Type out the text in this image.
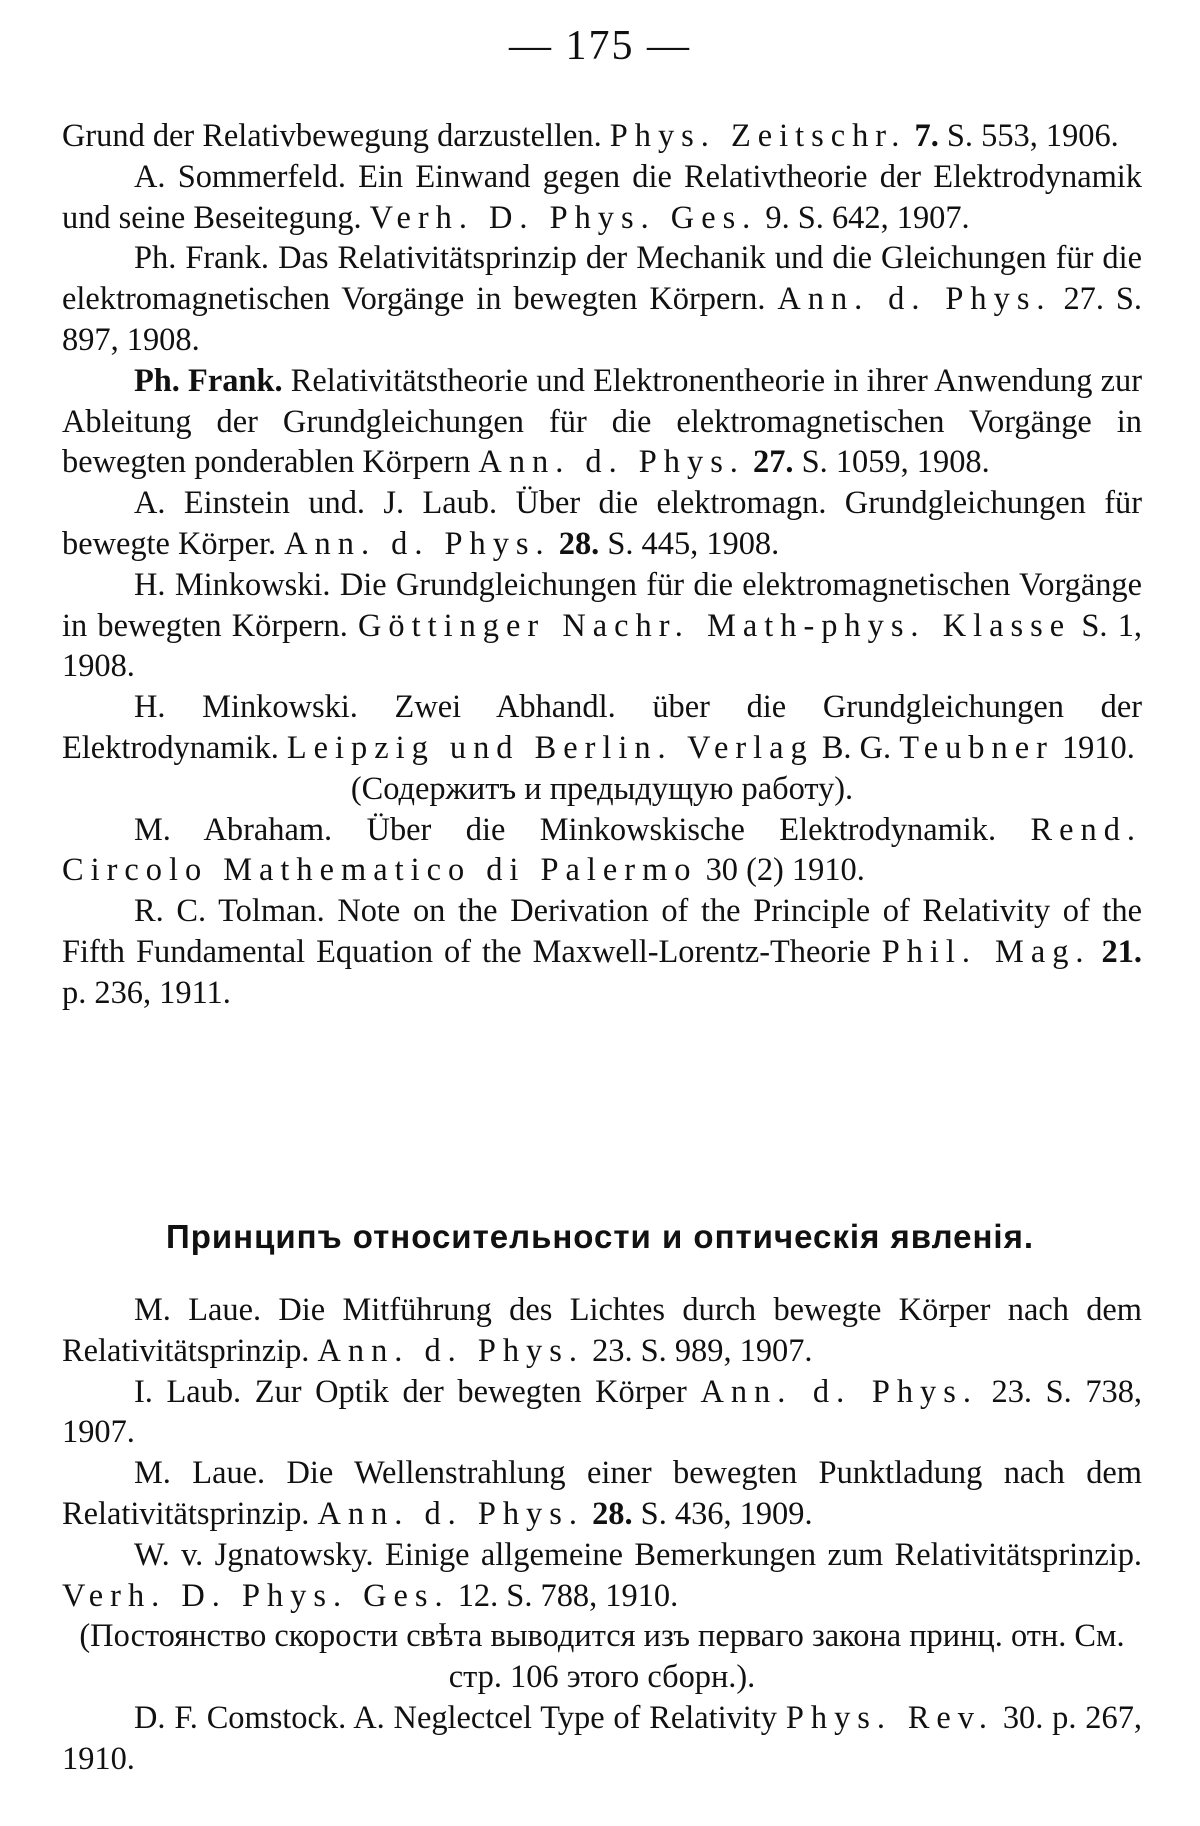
— 175 —

Grund der Relativbewegung darzustellen. Phys. Zeitschr. 7. S. 553, 1906.

A. Sommerfeld. Ein Einwand gegen die Relativtheorie der Elektrodynamik und seine Beseitegung. Verh. D. Phys. Ges. 9. S. 642, 1907.

Ph. Frank. Das Relativitätsprinzip der Mechanik und die Gleichungen für die elektromagnetischen Vorgänge in bewegten Körpern. Ann. d. Phys. 27. S. 897, 1908.

Ph. Frank. Relativitätstheorie und Elektronentheorie in ihrer Anwendung zur Ableitung der Grundgleichungen für die elektromagnetischen Vorgänge in bewegten ponderablen Körpern Ann. d. Phys. 27. S. 1059, 1908.

A. Einstein und. J. Laub. Über die elektromagn. Grundgleichungen für bewegte Körper. Ann. d. Phys. 28. S. 445, 1908.

H. Minkowski. Die Grundgleichungen für die elektromagnetischen Vorgänge in bewegten Körpern. Göttinger Nachr. Math-phys. Klasse S. 1, 1908.

H. Minkowski. Zwei Abhandl. über die Grundgleichungen der Elektrodynamik. Leipzig und Berlin. Verlag B. G. Teubner 1910.

(Содержитъ и предыдущую работу).

M. Abraham. Über die Minkowskische Elektrodynamik. Rend. Circolo Mathematico di Palermo 30 (2) 1910.

R. C. Tolman. Note on the Derivation of the Principle of Relativity of the Fifth Fundamental Equation of the Maxwell-Lorentz-Theorie Phil. Mag. 21. p. 236, 1911.

Принципъ относительности и оптическія явленія.

M. Laue. Die Mitführung des Lichtes durch bewegte Körper nach dem Relativitätsprinzip. Ann. d. Phys. 23. S. 989, 1907.

I. Laub. Zur Optik der bewegten Körper Ann. d. Phys. 23. S. 738, 1907.

M. Laue. Die Wellenstrahlung einer bewegten Punktladung nach dem Relativitätsprinzip. Ann. d. Phys. 28. S. 436, 1909.

W. v. Jgnatowsky. Einige allgemeine Bemerkungen zum Relativitätsprinzip. Verh. D. Phys. Ges. 12. S. 788, 1910.

(Постоянство скорости свѣта выводится изъ перваго закона принц. отн. См. стр. 106 этого сборн.).

D. F. Comstock. A. Neglectcel Type of Relativity Phys. Rev. 30. p. 267, 1910.
